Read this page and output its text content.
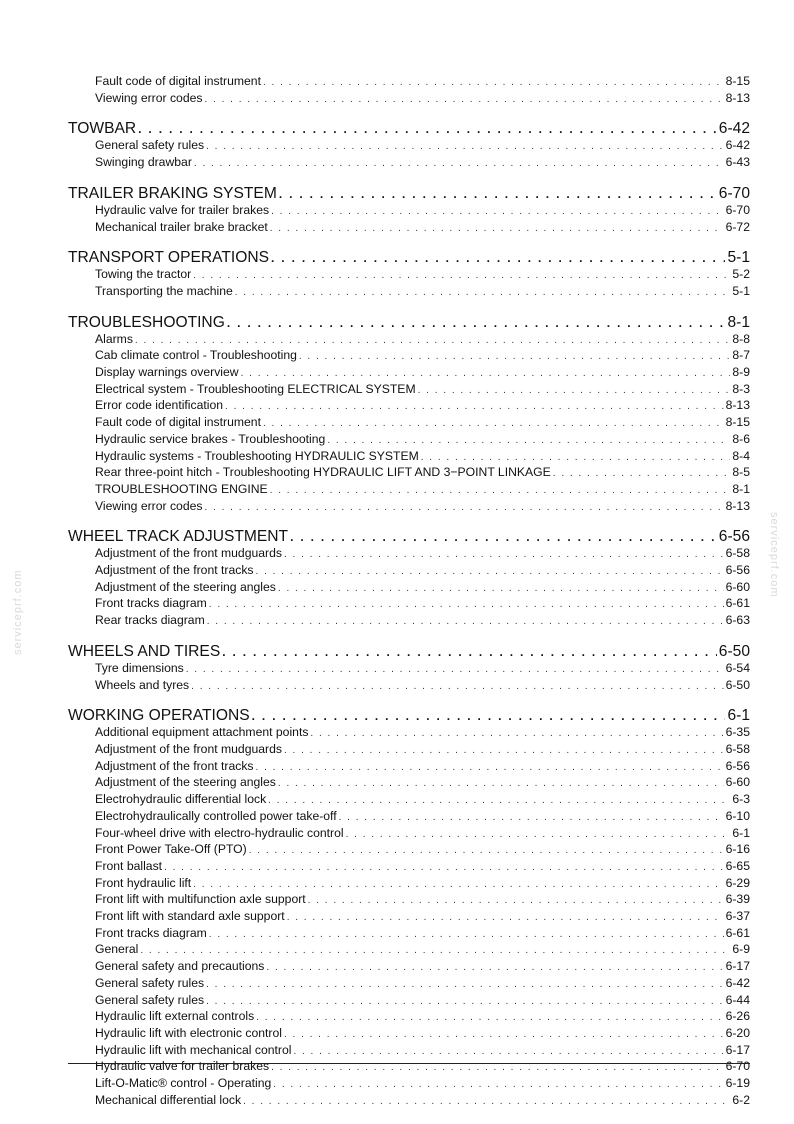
serviceprf.com
serviceprf.com
Fault code of digital instrument . . .	8-15
Viewing error codes . . .	8-13
TOWBAR . . .	6-42
General safety rules . . .	6-42
Swinging drawbar . . .	6-43
TRAILER BRAKING SYSTEM . . .	6-70
Hydraulic valve for trailer brakes . . .	6-70
Mechanical trailer brake bracket . . .	6-72
TRANSPORT OPERATIONS . . .	5-1
Towing the tractor . . .	5-2
Transporting the machine . . .	5-1
TROUBLESHOOTING . . .	8-1
Alarms . . .	8-8
Cab climate control - Troubleshooting . . .	8-7
Display warnings overview . . .	8-9
Electrical system - Troubleshooting ELECTRICAL SYSTEM . . .	8-3
Error code identification . . .	8-13
Fault code of digital instrument . . .	8-15
Hydraulic service brakes - Troubleshooting . . .	8-6
Hydraulic systems - Troubleshooting HYDRAULIC SYSTEM . . .	8-4
Rear three-point hitch - Troubleshooting HYDRAULIC LIFT AND 3−POINT LINKAGE . . .	8-5
TROUBLESHOOTING ENGINE . . .	8-1
Viewing error codes . . .	8-13
WHEEL TRACK ADJUSTMENT . . .	6-56
Adjustment of the front mudguards . . .	6-58
Adjustment of the front tracks . . .	6-56
Adjustment of the steering angles . . .	6-60
Front tracks diagram . . .	6-61
Rear tracks diagram . . .	6-63
WHEELS AND TIRES . . .	6-50
Tyre dimensions . . .	6-54
Wheels and tyres . . .	6-50
WORKING OPERATIONS . . .	6-1
Additional equipment attachment points . . .	6-35
Adjustment of the front mudguards . . .	6-58
Adjustment of the front tracks . . .	6-56
Adjustment of the steering angles . . .	6-60
Electrohydraulic differential lock . . .	6-3
Electrohydraulically controlled power take-off . . .	6-10
Four-wheel drive with electro-hydraulic control . . .	6-1
Front Power Take-Off (PTO) . . .	6-16
Front ballast . . .	6-65
Front hydraulic lift . . .	6-29
Front lift with multifunction axle support . . .	6-39
Front lift with standard axle support . . .	6-37
Front tracks diagram . . .	6-61
General . . .	6-9
General safety and precautions . . .	6-17
General safety rules . . .	6-42
General safety rules . . .	6-44
Hydraulic lift external controls . . .	6-26
Hydraulic lift with electronic control . . .	6-20
Hydraulic lift with mechanical control . . .	6-17
Hydraulic valve for trailer brakes . . .	6-70
Lift-O-Matic® control - Operating . . .	6-19
Mechanical differential lock . . .	6-2
